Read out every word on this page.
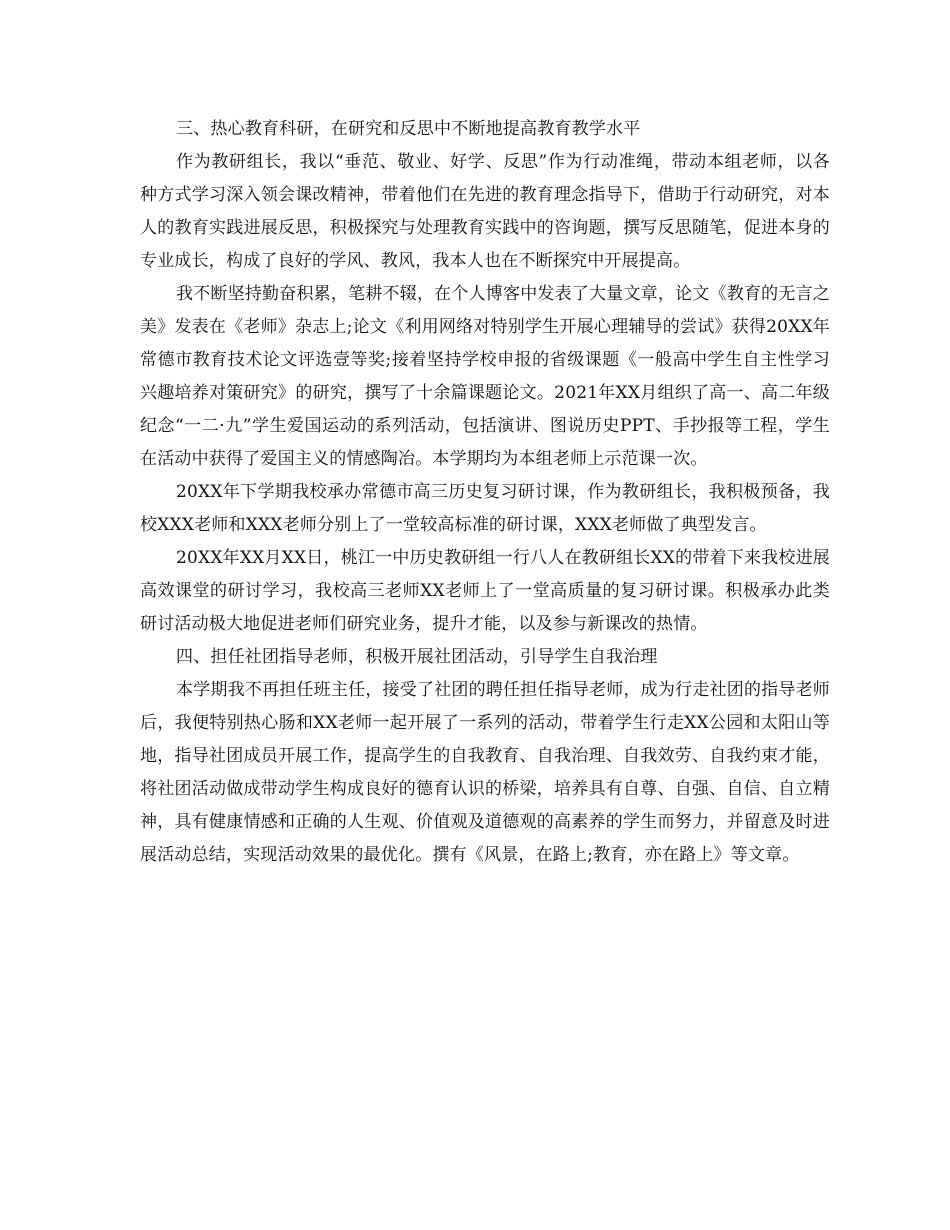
三、热心教育科研，在研究和反思中不断地提高教育教学水平

作为教研组长，我以“垂范、敬业、好学、反思”作为行动准绳，带动本组老师，以各种方式学习深入领会课改精神，带着他们在先进的教育理念指导下，借助于行动研究，对本人的教育实践进展反思，积极探究与处理教育实践中的咨询题，撰写反思随笔，促进本身的专业成长，构成了良好的学风、教风，我本人也在不断探究中开展提高。

我不断坚持勤奋积累，笔耕不辍，在个人博客中发表了大量文章，论文《教育的无言之美》发表在《老师》杂志上;论文《利用网络对特别学生开展心理辅导的尝试》获得20XX年常德市教育技术论文评选壹等奖;接着坚持学校申报的省级课题《一般高中学生自主性学习兴趣培养对策研究》的研究，撰写了十余篇课题论文。2021年XX月组织了高一、高二年级纪念“一二·九”学生爱国运动的系列活动，包括演讲、图说历史PPT、手抄报等工程，学生在活动中获得了爱国主义的情感陶冶。本学期均为本组老师上示范课一次。

20XX年下学期我校承办常德市高三历史复习研讨课，作为教研组长，我积极预备，我校XXX老师和XXX老师分别上了一堂较高标准的研讨课，XXX老师做了典型发言。

20XX年XX月XX日，桃江一中历史教研组一行八人在教研组长XX的带着下来我校进展高效课堂的研讨学习，我校高三老师XX老师上了一堂高质量的复习研讨课。积极承办此类研讨活动极大地促进老师们研究业务，提升才能，以及参与新课改的热情。

四、担任社团指导老师，积极开展社团活动，引导学生自我治理

本学期我不再担任班主任，接受了社团的聘任担任指导老师，成为行走社团的指导老师后，我便特别热心肠和XX老师一起开展了一系列的活动，带着学生行走XX公园和太阳山等地，指导社团成员开展工作，提高学生的自我教育、自我治理、自我效劳、自我约束才能，将社团活动做成带动学生构成良好的德育认识的桥梁，培养具有自尊、自强、自信、自立精神，具有健康情感和正确的人生观、价值观及道德观的高素养的学生而努力，并留意及时进展活动总结，实现活动效果的最优化。撰有《风景，在路上;教育，亦在路上》等文章。
